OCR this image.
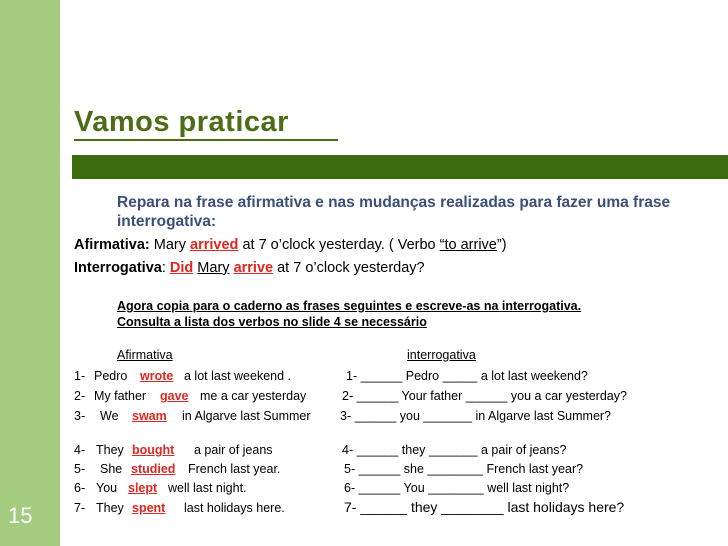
15
Vamos praticar
Repara na frase afirmativa e nas mudanças realizadas para fazer uma frase interrogativa:
Afirmativa: Mary arrived at 7 o’clock yesterday. ( Verbo “to arrive”)
Interrogativa: Did Mary arrive at 7 o’clock yesterday?
Agora copia para o caderno as frases seguintes e escreve-as na interrogativa.
Consulta a lista dos verbos no slide 4 se necessário
Afirmativa	interrogativa
1- Pedro wrote a lot last weekend .	1- ______ Pedro _____ a lot last weekend?
2- My father gave me a car yesterday	2- ______ Your father ______ you a car yesterday?
3- We swam in Algarve last Summer 3- ______ you _______ in Algarve last Summer?
4- They bought a pair of jeans	4- ______ they _______ a pair of jeans?
5- She studied French last year.	5- ______ she ________ French last year?
6- You slept well last night.	6- ______ You ________ well last night?
7- They spent last holidays here.	7- ______ they ________ last holidays here?
